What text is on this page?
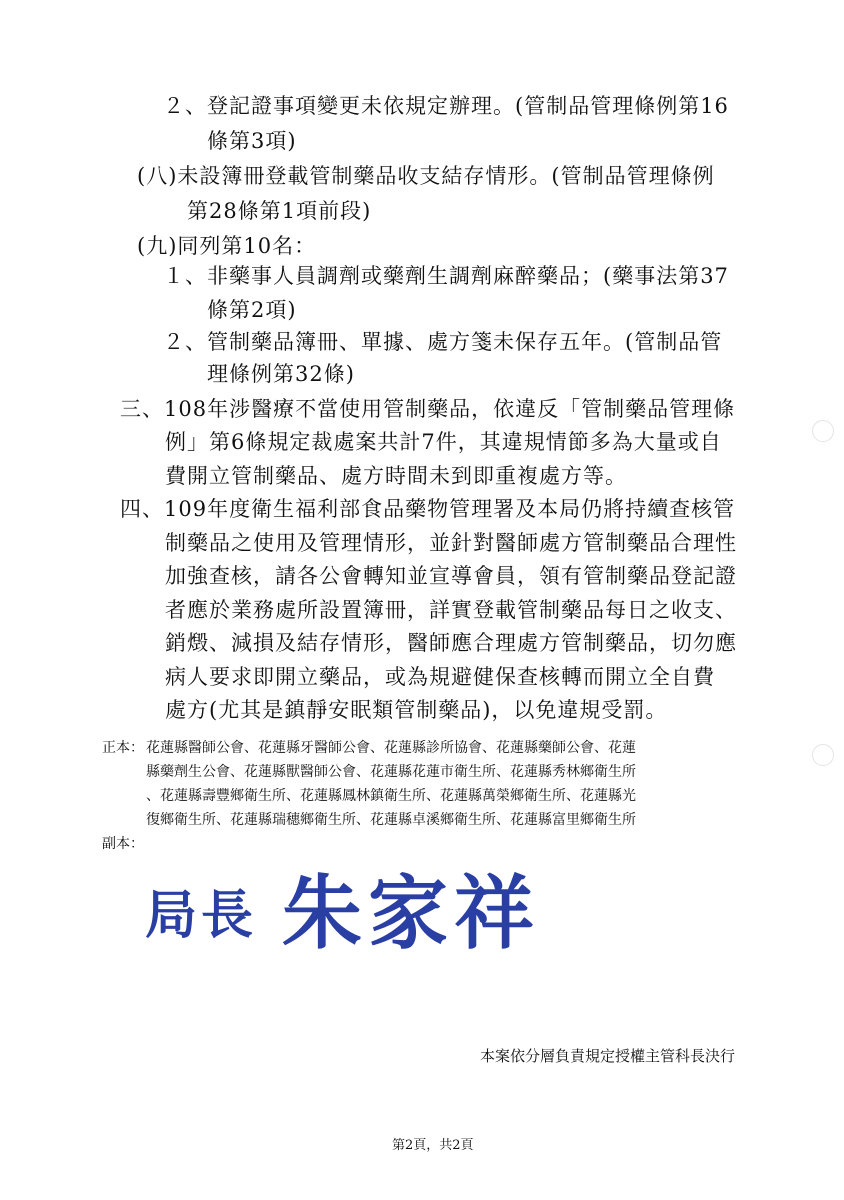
２、登記證事項變更未依規定辦理。(管制品管理條例第16
條第3項)
(八)未設簿冊登載管制藥品收支結存情形。(管制品管理條例
第28條第1項前段)
(九)同列第10名：
１、非藥事人員調劑或藥劑生調劑麻醉藥品；(藥事法第37
條第2項)
２、管制藥品簿冊、單據、處方箋未保存五年。(管制品管
理條例第32條)
三、108年涉醫療不當使用管制藥品，依違反「管制藥品管理條
例」第6條規定裁處案共計7件，其違規情節多為大量或自
費開立管制藥品、處方時間未到即重複處方等。
四、109年度衛生福利部食品藥物管理署及本局仍將持續查核管
制藥品之使用及管理情形，並針對醫師處方管制藥品合理性
加強查核，請各公會轉知並宣導會員，領有管制藥品登記證
者應於業務處所設置簿冊，詳實登載管制藥品每日之收支、
銷燬、減損及結存情形，醫師應合理處方管制藥品，切勿應
病人要求即開立藥品，或為規避健保查核轉而開立全自費
處方(尤其是鎮靜安眠類管制藥品)，以免違規受罰。
正本： 花蓮縣醫師公會、花蓮縣牙醫師公會、花蓮縣診所協會、花蓮縣藥師公會、花蓮
縣藥劑生公會、花蓮縣獸醫師公會、花蓮縣花蓮市衛生所、花蓮縣秀林鄉衛生所
、花蓮縣壽豐鄉衛生所、花蓮縣鳳林鎮衛生所、花蓮縣萬榮鄉衛生所、花蓮縣光
復鄉衛生所、花蓮縣瑞穗鄉衛生所、花蓮縣卓溪鄉衛生所、花蓮縣富里鄉衛生所
副本：
局長 朱家祥
本案依分層負責規定授權主管科長決行
第2頁，共2頁
